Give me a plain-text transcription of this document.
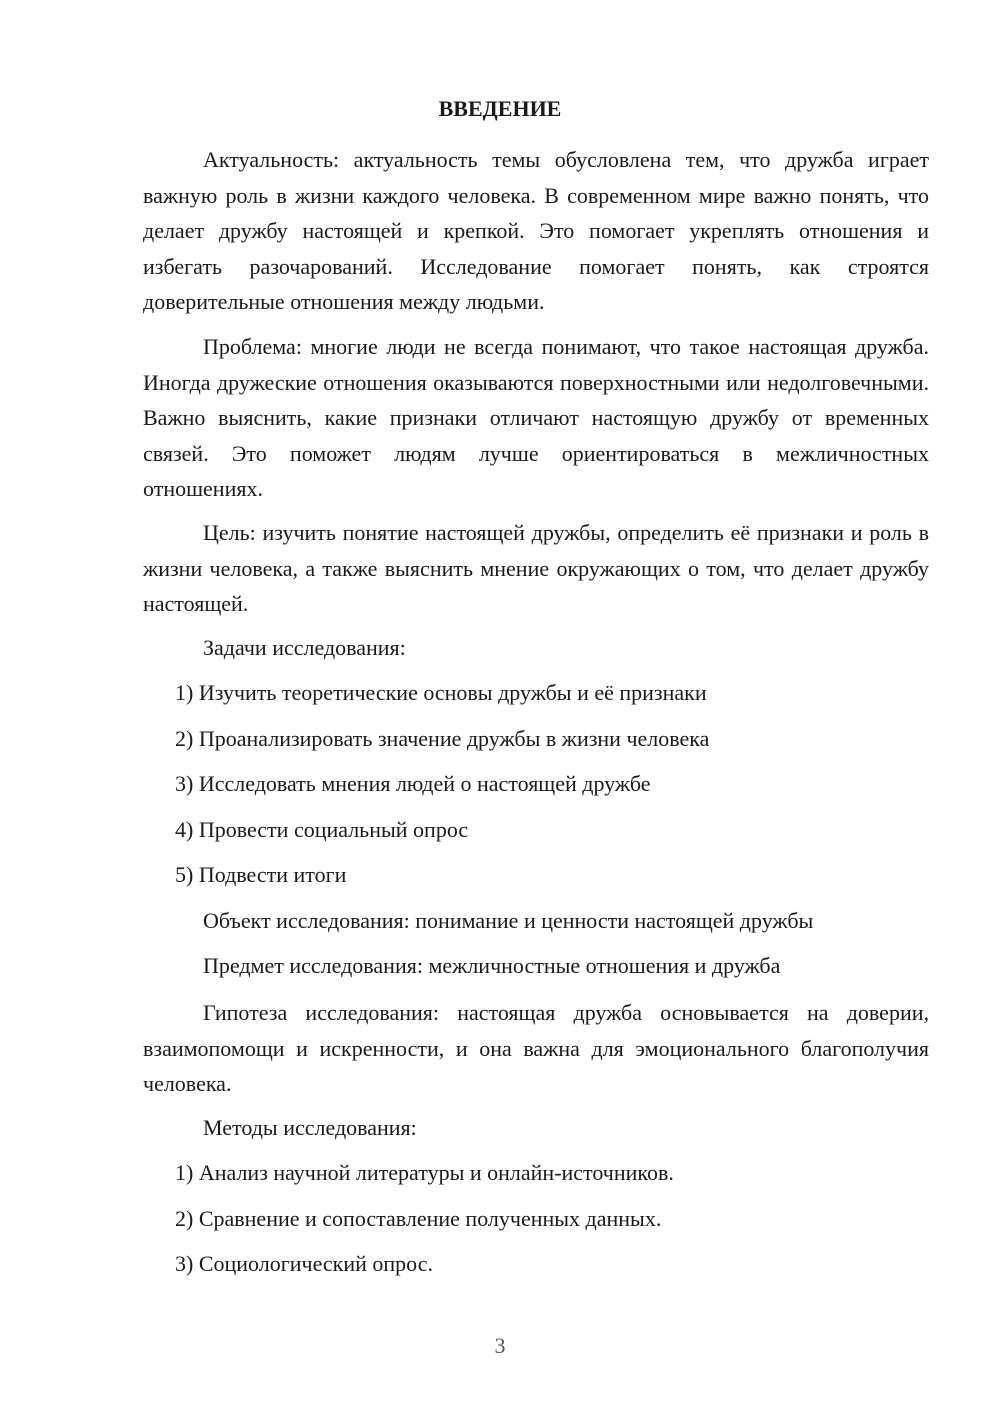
ВВЕДЕНИЕ

Актуальность: актуальность темы обусловлена тем, что дружба играет важную роль в жизни каждого человека. В современном мире важно понять, что делает дружбу настоящей и крепкой. Это помогает укреплять отношения и избегать разочарований. Исследование помогает понять, как строятся доверительные отношения между людьми.

Проблема: многие люди не всегда понимают, что такое настоящая дружба. Иногда дружеские отношения оказываются поверхностными или недолговечными. Важно выяснить, какие признаки отличают настоящую дружбу от временных связей. Это поможет людям лучше ориентироваться в межличностных отношениях.

Цель: изучить понятие настоящей дружбы, определить её признаки и роль в жизни человека, а также выяснить мнение окружающих о том, что делает дружбу настоящей.

Задачи исследования:

1) Изучить теоретические основы дружбы и её признаки

2) Проанализировать значение дружбы в жизни человека

3) Исследовать мнения людей о настоящей дружбе

4) Провести социальный опрос

5) Подвести итоги

Объект исследования: понимание и ценности настоящей дружбы

Предмет исследования: межличностные отношения и дружба

Гипотеза исследования: настоящая дружба основывается на доверии, взаимопомощи и искренности, и она важна для эмоционального благополучия человека.

Методы исследования:

1) Анализ научной литературы и онлайн-источников.

2) Сравнение и сопоставление полученных данных.

3) Социологический опрос.

3
